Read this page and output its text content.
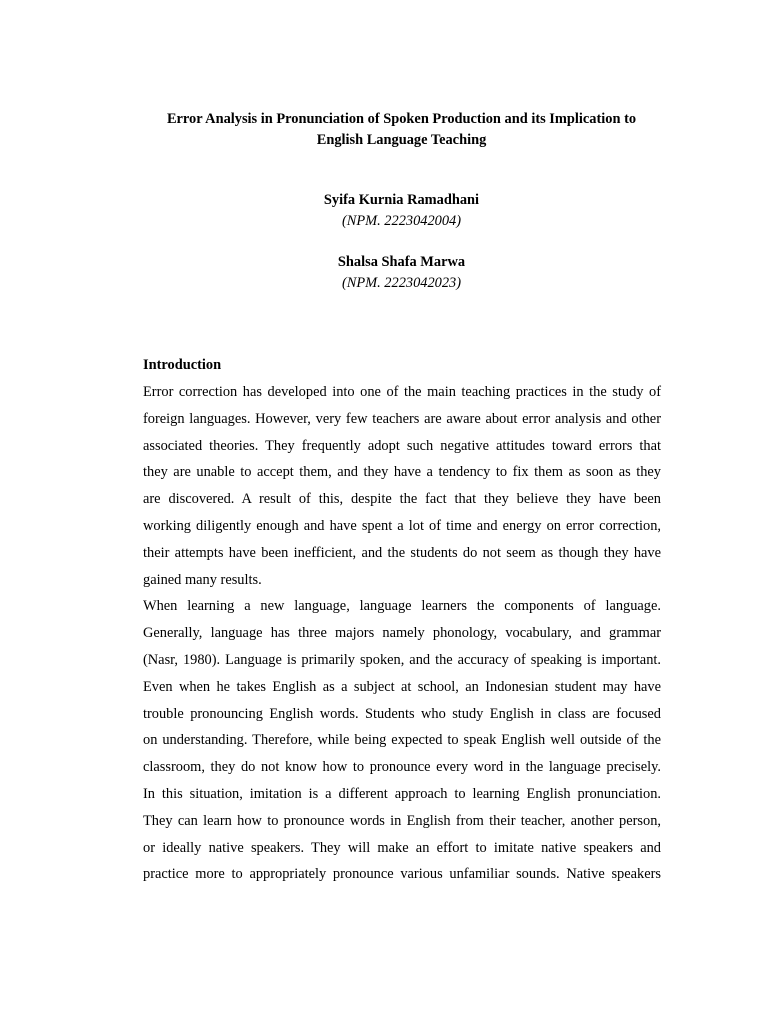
Error Analysis in Pronunciation of Spoken Production and its Implication to
English Language Teaching
Syifa Kurnia Ramadhani
(NPM. 2223042004)
Shalsa Shafa Marwa
(NPM. 2223042023)
Introduction
Error correction has developed into one of the main teaching practices in the study of
foreign languages. However, very few teachers are aware about error analysis and other
associated theories. They frequently adopt such negative attitudes toward errors that
they are unable to accept them, and they have a tendency to fix them as soon as they
are discovered. A result of this, despite the fact that they believe they have been
working diligently enough and have spent a lot of time and energy on error correction,
their attempts have been inefficient, and the students do not seem as though they have
gained many results.
When learning a new language, language learners the components of language.
Generally, language has three majors namely phonology, vocabulary, and grammar
(Nasr, 1980). Language is primarily spoken, and the accuracy of speaking is important.
Even when he takes English as a subject at school, an Indonesian student may have
trouble pronouncing English words. Students who study English in class are focused
on understanding. Therefore, while being expected to speak English well outside of the
classroom, they do not know how to pronounce every word in the language precisely.
In this situation, imitation is a different approach to learning English pronunciation.
They can learn how to pronounce words in English from their teacher, another person,
or ideally native speakers. They will make an effort to imitate native speakers and
practice more to appropriately pronounce various unfamiliar sounds. Native speakers
